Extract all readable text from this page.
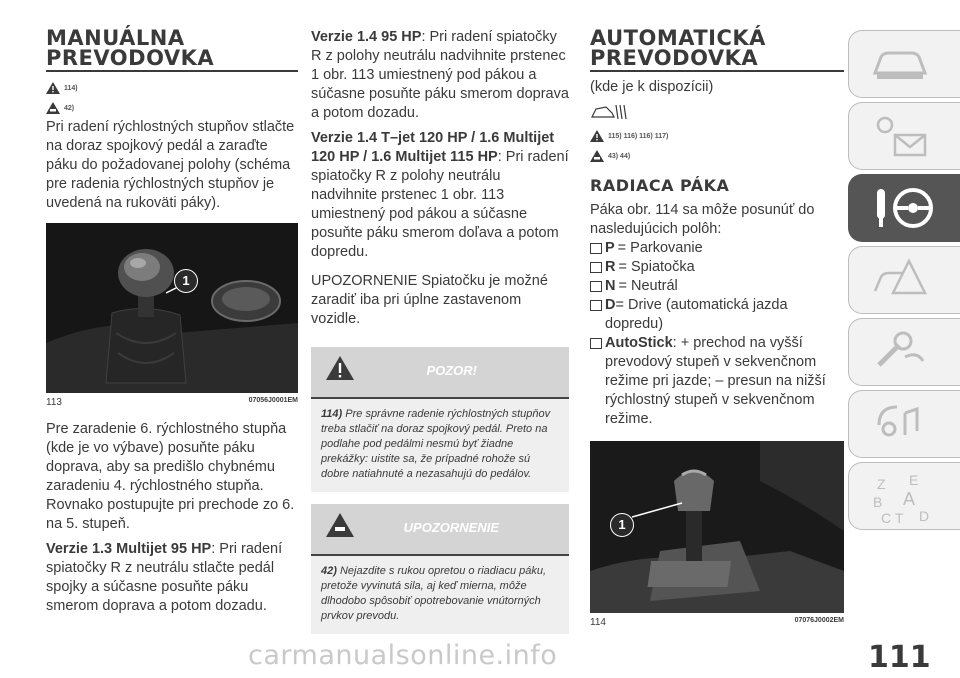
MANUÁLNA
PREVODOVKA
114)
42)

Pri radení rýchlostných stupňov stlačte na doraz spojkový pedál a zaraďte páku do požadovanej polohy (schéma pre radenia rýchlostných stupňov je uvedená na rukoväti páky).

1
113	07056J0001EM

Pre zaradenie 6. rýchlostného stupňa (kde je vo výbave) posuňte páku doprava, aby sa predišlo chybnému zaradeniu 4. rýchlostného stupňa. Rovnako postupujte pri prechode zo 6. na 5. stupeň.

Verzie 1.3 Multijet 95 HP: Pri radení spiatočky R z neutrálu stlačte pedál spojky a súčasne posuňte páku smerom doprava a potom dozadu.

Verzie 1.4 95 HP: Pri radení spiatočky R z polohy neutrálu nadvihnite prstenec 1 obr. 113 umiestnený pod pákou a súčasne posuňte páku smerom doprava a potom dozadu.

Verzie 1.4 T–jet 120 HP / 1.6 Multijet 120 HP / 1.6 Multijet 115 HP: Pri radení spiatočky R z polohy neutrálu nadvihnite prstenec 1 obr. 113 umiestnený pod pákou a súčasne posuňte páku smerom doľava a potom dopredu.

UPOZORNENIE Spiatočku je možné zaradiť iba pri úplne zastavenom vozidle.

POZOR!
114) Pre správne radenie rýchlostných stupňov treba stlačiť na doraz spojkový pedál. Preto na podlahe pod pedálmi nesmú byť žiadne prekážky: uistite sa, že prípadné rohože sú dobre natiahnuté a nezasahujú do pedálov.
UPOZORNENIE
42) Nejazdite s rukou opretou o riadiacu páku, pretože vyvinutá sila, aj keď mierna, môže dlhodobo spôsobiť opotrebovanie vnútorných prvkov prevodu.
AUTOMATICKÁ
PREVODOVKA

(kde je k dispozícii)

115) 116) 116) 117)
43) 44)
RADIACA PÁKA

Páka obr. 114 sa môže posunúť do nasledujúcich polôh:

P = Parkovanie
R = Spiatočka
N = Neutrál
D= Drive (automatická jazda dopredu)
AutoStick: + prechod na vyšší prevodový stupeň v sekvenčnom režime pri jazde; – presun na nižší rýchlostný stupeň v sekvenčnom režime.
1
114	07076J0002EM
Z E
B A
C T D
carmanualsonline.info	111
